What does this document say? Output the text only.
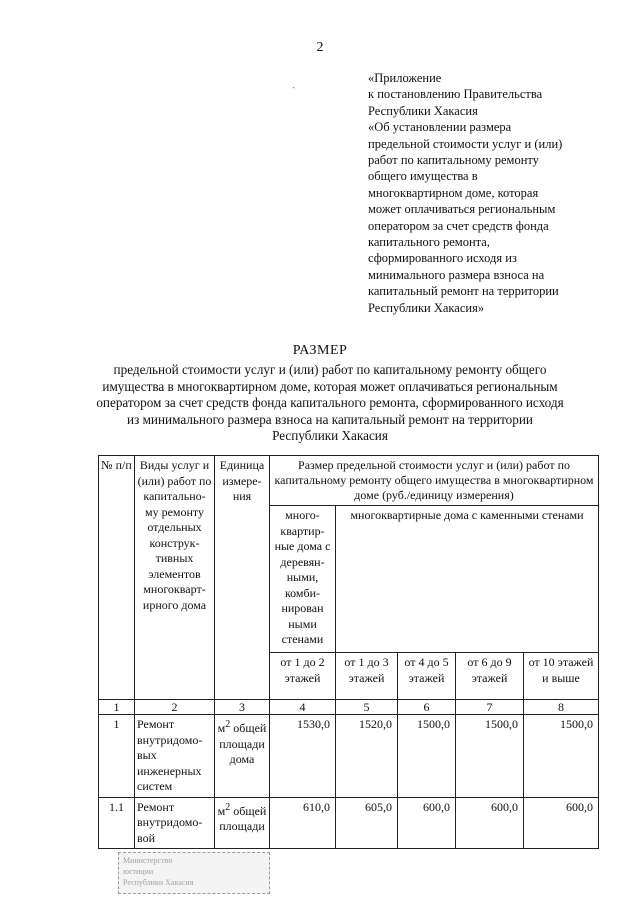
2
ˎ	«Приложение
к постановлению Правительства
Республики Хакасия
«Об установлении размера
предельной стоимости услуг и (или)
работ по капитальному ремонту
общего имущества в
многоквартирном доме, которая
может оплачиваться региональным
оператором за счет средств фонда
капитального ремонта,
сформированного исходя из
минимального размера взноса на
капитальный ремонт на территории
Республики Хакасия»
РАЗМЕР
предельной стоимости услуг и (или) работ по капитальному ремонту общего
имущества в многоквартирном доме, которая может оплачиваться региональным
оператором за счет средств фонда капитального ремонта, сформированного исходя
из минимального размера взноса на капитальный ремонт на территории
Республики Хакасия
№ п/п	Виды услуг и (или) работ по капитально-му ремонту отдельных конструк-тивных элементов многокварт-ирного дома	Единица измере-ния	Размер предельной стоимости услуг и (или) работ по капитальному ремонту общего имущества в многоквартирном доме (руб./единицу измерения)				
			много-квартир-ные дома с деревян-ными, комби-нирован ными стенами	многоквартирные дома с каменными стенами			
			от 1 до 2 этажей	от 1 до 3 этажей	от 4 до 5 этажей	от 6 до 9 этажей	от 10 этажей и выше
1	2	3	4	5	6	7	8
1	Ремонт внутридомо-вых инженерных систем	$м^2$ общей площади дома	1530,0	1520,0	1500,0	1500,0	1500,0
1.1	Ремонт внутридомо-вой	$м^2$ общей площади	610,0	605,0	600,0	600,0	600,0
Министерство
юстиции
Республики Хакасия
